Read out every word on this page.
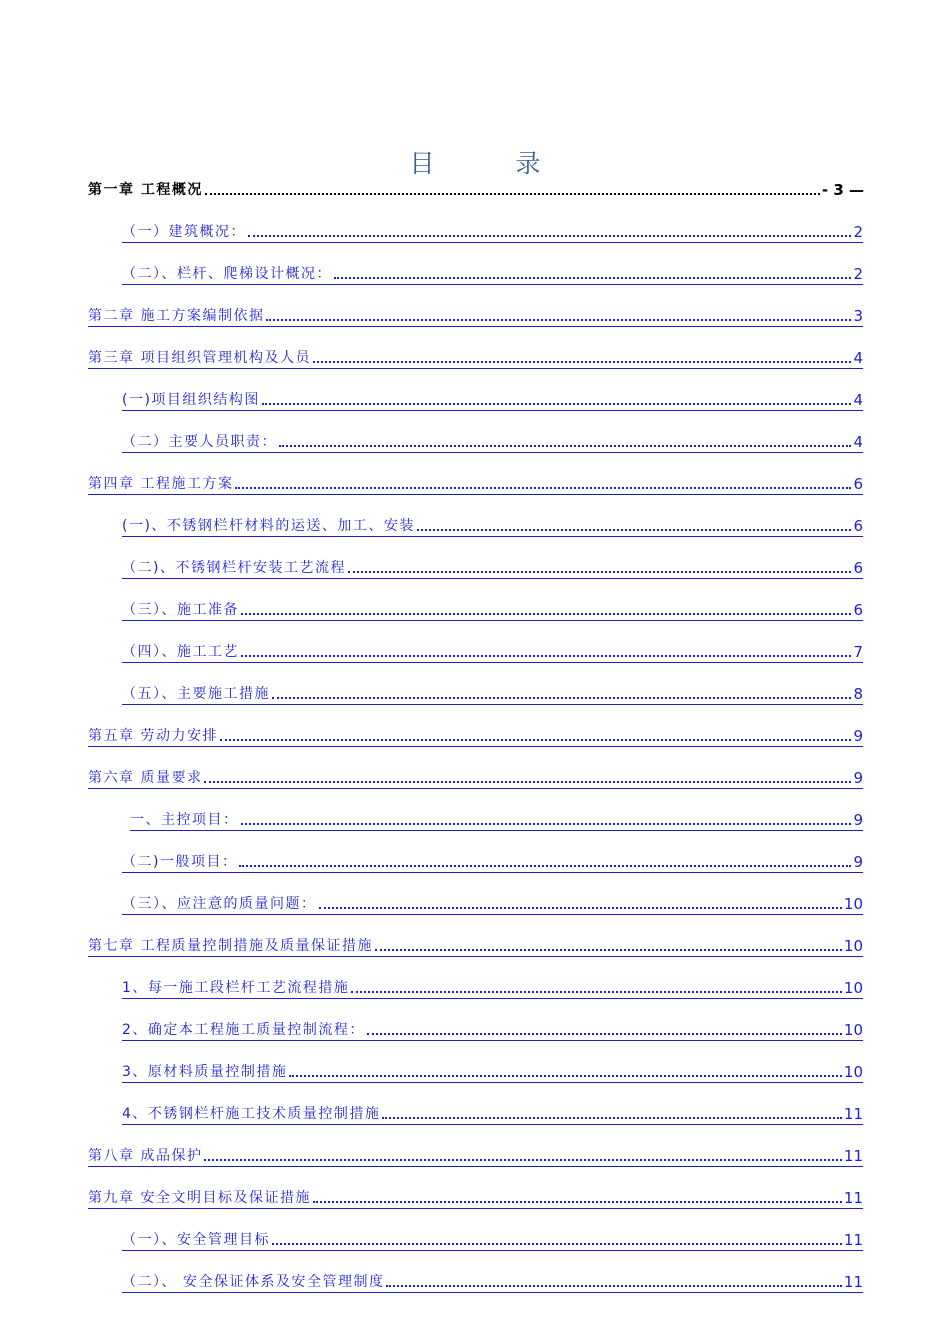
目　录
第一章 工程概况	- 3 —
（一）建筑概况：	2
（二）、栏杆、爬梯设计概况：	2
第二章 施工方案编制依据	3
第三章 项目组织管理机构及人员	4
(一)项目组织结构图	4
（二）主要人员职责：	4
第四章 工程施工方案	6
(一)、不锈钢栏杆材料的运送、加工、安装	6
（二)、不锈钢栏杆安装工艺流程	6
（三）、施工准备	6
（四）、施工工艺	7
（五）、主要施工措施	8
第五章 劳动力安排	9
第六章 质量要求	9
一、主控项目：	9
（二)一般项目：	9
（三）、应注意的质量问题：	10
第七章 工程质量控制措施及质量保证措施	10
1、每一施工段栏杆工艺流程措施	10
2、确定本工程施工质量控制流程：	10
3、原材料质量控制措施	10
4、不锈钢栏杆施工技术质量控制措施	11
第八章 成品保护	11
第九章 安全文明目标及保证措施	11
（一）、安全管理目标	11
（二）、 安全保证体系及安全管理制度	11
